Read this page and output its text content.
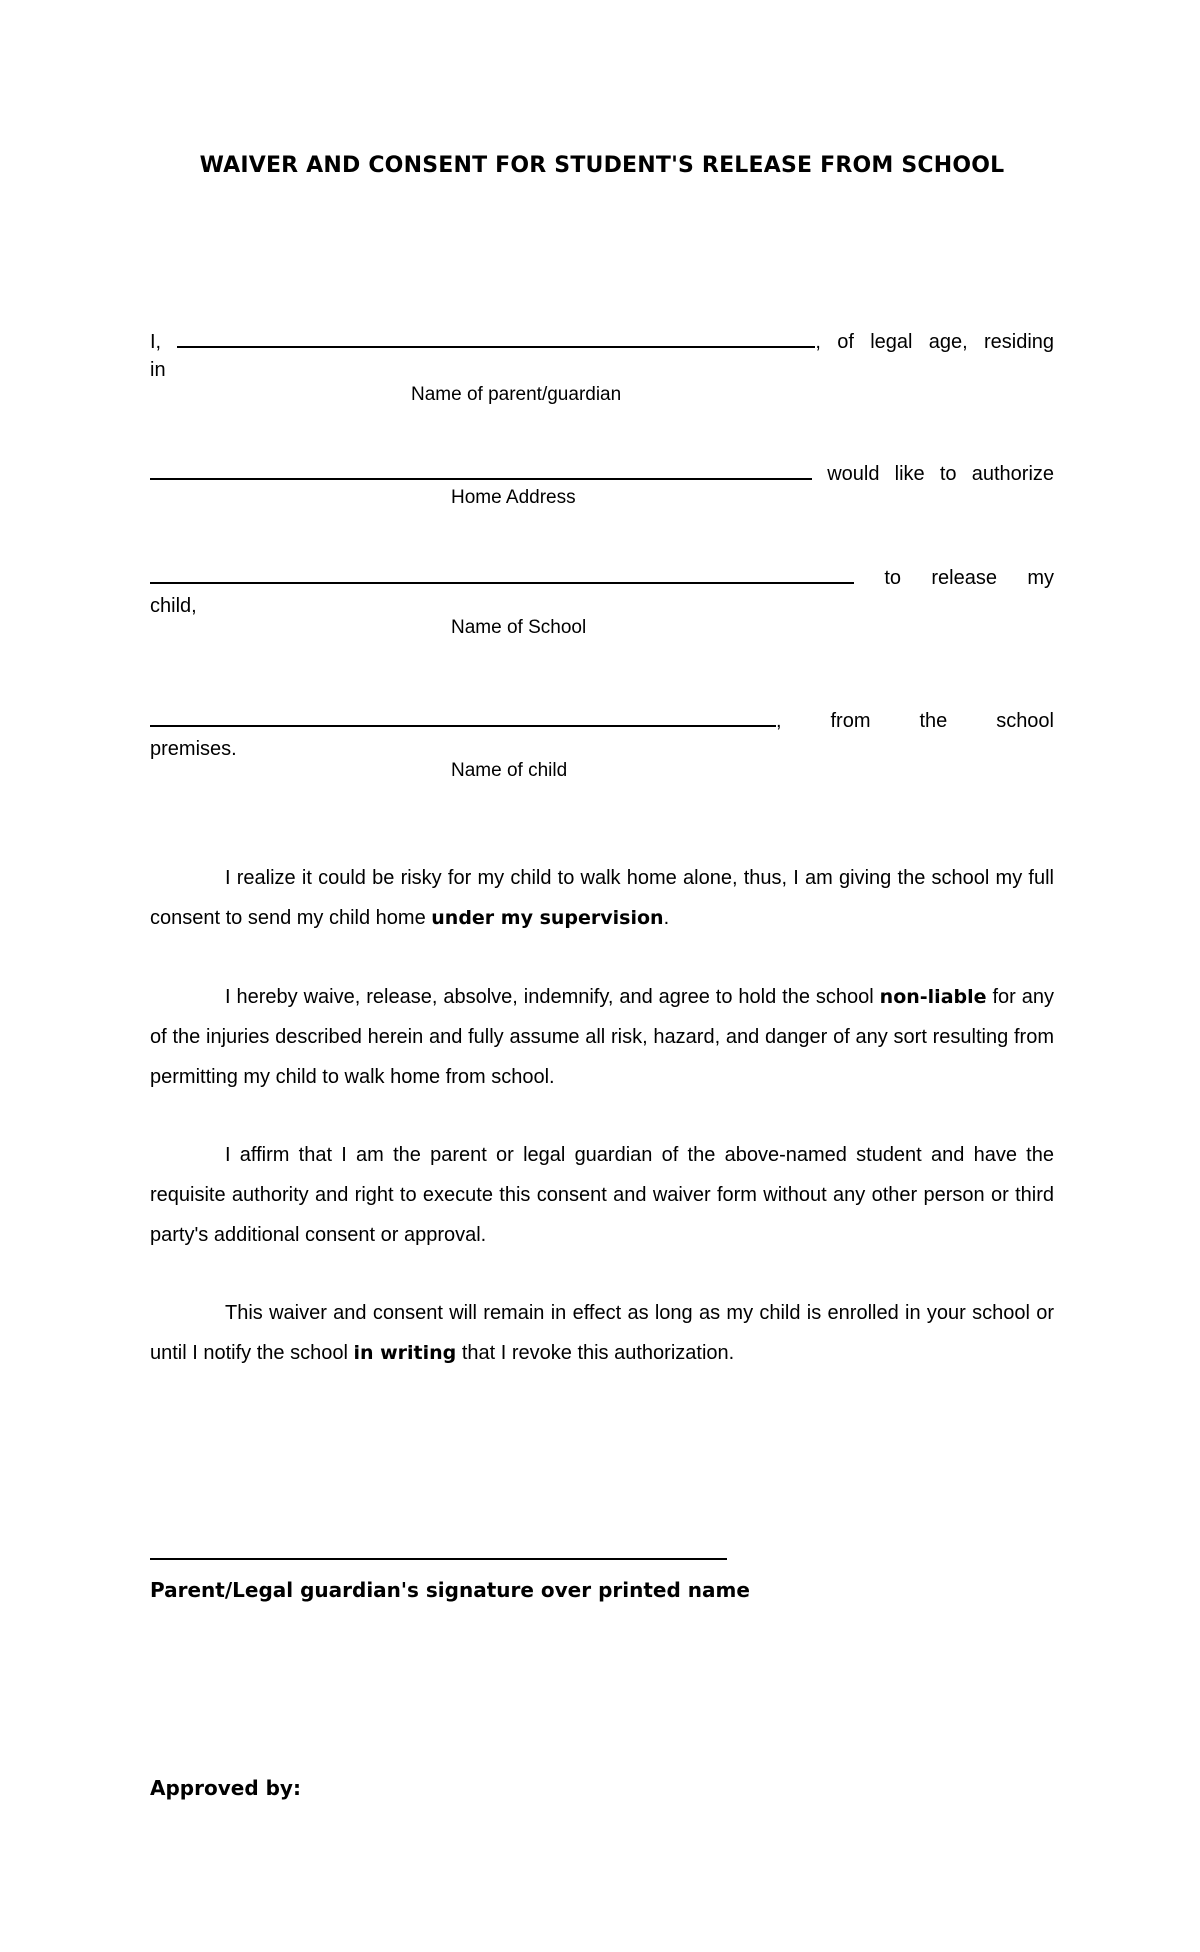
WAIVER AND CONSENT FOR STUDENT'S RELEASE FROM SCHOOL
I,	, of legal age, residing
in
Name of parent/guardian
would like to authorize
Home Address
to release my
child,
Name of School
, from the school
premises.
Name of child
I realize it could be risky for my child to walk home alone, thus, I am giving the school my full consent to send my child home under my supervision.
I hereby waive, release, absolve, indemnify, and agree to hold the school non-liable for any of the injuries described herein and fully assume all risk, hazard, and danger of any sort resulting from permitting my child to walk home from school.
I affirm that I am the parent or legal guardian of the above-named student and have the requisite authority and right to execute this consent and waiver form without any other person or third party's additional consent or approval.
This waiver and consent will remain in effect as long as my child is enrolled in your school or until I notify the school in writing that I revoke this authorization.
Parent/Legal guardian's signature over printed name
Approved by:
